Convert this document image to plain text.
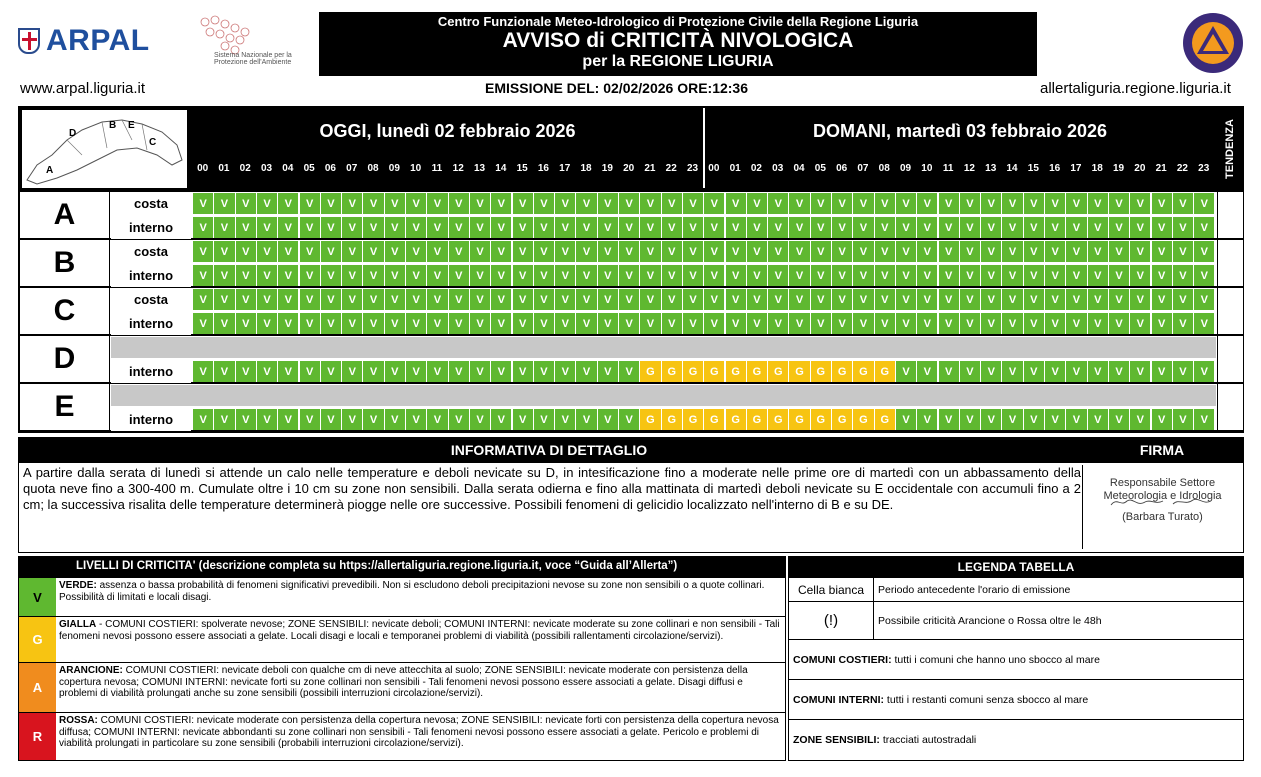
ARPAL	Sistema Nazionale per la Protezione dell'Ambiente
Centro Funzionale Meteo-Idrologico di Protezione Civile della Regione Liguria
AVVISO di CRITICITÀ NIVOLOGICA
per la REGIONE LIGURIA
www.arpal.liguria.it	EMISSIONE DEL: 02/02/2026 ORE:12:36	allertaliguria.regione.liguria.it
D
B E
C
A
OGGI, lunedì 02 febbraio 2026	DOMANI, martedì 03 febbraio 2026	TENDENZA
00	01	02	03	04	05	06	07	08	09	10	11	12	13	14	15	16	17	18	19	20	21	22	23	00	01	02	03	04	05	06	07	08	09	10	11	12	13	14	15	16	17	18	19	20	21	22	23
A	costa	V	V	V	V	V	V	V	V	V	V	V	V	V	V	V	V	V	V	V	V	V	V	V	V	V	V	V	V	V	V	V	V	V	V	V	V	V	V	V	V	V	V	V	V	V	V	V	V
interno	V	V	V	V	V	V	V	V	V	V	V	V	V	V	V	V	V	V	V	V	V	V	V	V	V	V	V	V	V	V	V	V	V	V	V	V	V	V	V	V	V	V	V	V	V	V	V	V
B	costa	V	V	V	V	V	V	V	V	V	V	V	V	V	V	V	V	V	V	V	V	V	V	V	V	V	V	V	V	V	V	V	V	V	V	V	V	V	V	V	V	V	V	V	V	V	V	V	V
interno	V	V	V	V	V	V	V	V	V	V	V	V	V	V	V	V	V	V	V	V	V	V	V	V	V	V	V	V	V	V	V	V	V	V	V	V	V	V	V	V	V	V	V	V	V	V	V	V
C	costa	V	V	V	V	V	V	V	V	V	V	V	V	V	V	V	V	V	V	V	V	V	V	V	V	V	V	V	V	V	V	V	V	V	V	V	V	V	V	V	V	V	V	V	V	V	V	V	V
interno	V	V	V	V	V	V	V	V	V	V	V	V	V	V	V	V	V	V	V	V	V	V	V	V	V	V	V	V	V	V	V	V	V	V	V	V	V	V	V	V	V	V	V	V	V	V	V	V
D	interno	V	V	V	V	V	V	V	V	V	V	V	V	V	V	V	V	V	V	V	V	V	G	G	G	G	G	G	G	G	G	G	G	G	V	V	V	V	V	V	V	V	V	V	V	V	V	V	V
E	interno	V	V	V	V	V	V	V	V	V	V	V	V	V	V	V	V	V	V	V	V	V	G	G	G	G	G	G	G	G	G	G	G	G	V	V	V	V	V	V	V	V	V	V	V	V	V	V	V
INFORMATIVA DI DETTAGLIO	FIRMA
A partire dalla serata di lunedì si attende un calo nelle temperature e deboli nevicate su D, in intesificazione fino a moderate nelle prime ore di martedì con un abbassamento della quota neve fino a 300-400 m. Cumulate oltre i 10 cm su zone non sensibili. Dalla serata odierna e fino alla mattinata di martedì deboli nevicate su E occidentale con accumuli fino a 2 cm; la successiva risalita delle temperature determinerà piogge nelle ore successive. Possibili fenomeni di gelicidio localizzato nell'interno di B e su DE.
Responsabile Settore
Meteorologia e Idrologia
(Barbara Turato)
LIVELLI DI CRITICITA' (descrizione completa su https://allertaliguria.regione.liguria.it, voce “Guida all’Allerta”)	LEGENDA TABELLA
V
VERDE: assenza o bassa probabilità di fenomeni significativi prevedibili. Non si escludono deboli precipitazioni nevose su zone non sensibili o a quote collinari. Possibilità di limitati e locali disagi.
G
GIALLA - COMUNI COSTIERI: spolverate nevose; ZONE SENSIBILI: nevicate deboli; COMUNI INTERNI: nevicate moderate su zone collinari e non sensibili - Tali fenomeni nevosi possono essere associati a gelate. Locali disagi e locali e temporanei problemi di viabilità (possibili rallentamenti circolazione/servizi).
A
ARANCIONE: COMUNI COSTIERI: nevicate deboli con qualche cm di neve attecchita al suolo; ZONE SENSIBILI: nevicate moderate con persistenza della copertura nevosa; COMUNI INTERNI: nevicate forti su zone collinari non sensibili - Tali fenomeni nevosi possono essere associati a gelate. Disagi diffusi e problemi di viabilità prolungati anche su zone sensibili (possibili interruzioni circolazione/servizi).
R
ROSSA: COMUNI COSTIERI: nevicate moderate con persistenza della copertura nevosa; ZONE SENSIBILI: nevicate forti con persistenza della copertura nevosa diffusa; COMUNI INTERNI: nevicate abbondanti su zone collinari non sensibili - Tali fenomeni nevosi possono essere associati a gelate. Pericolo e problemi di viabilità prolungati in particolare su zone sensibili (probabili interruzioni circolazione/servizi).
Cella bianca	Periodo antecedente l'orario di emissione
(!)	Possibile criticità Arancione o Rossa oltre le 48h
COMUNI COSTIERI: tutti i comuni che hanno uno sbocco al mare
COMUNI INTERNI: tutti i restanti comuni senza sbocco al mare
ZONE SENSIBILI: tracciati autostradali
